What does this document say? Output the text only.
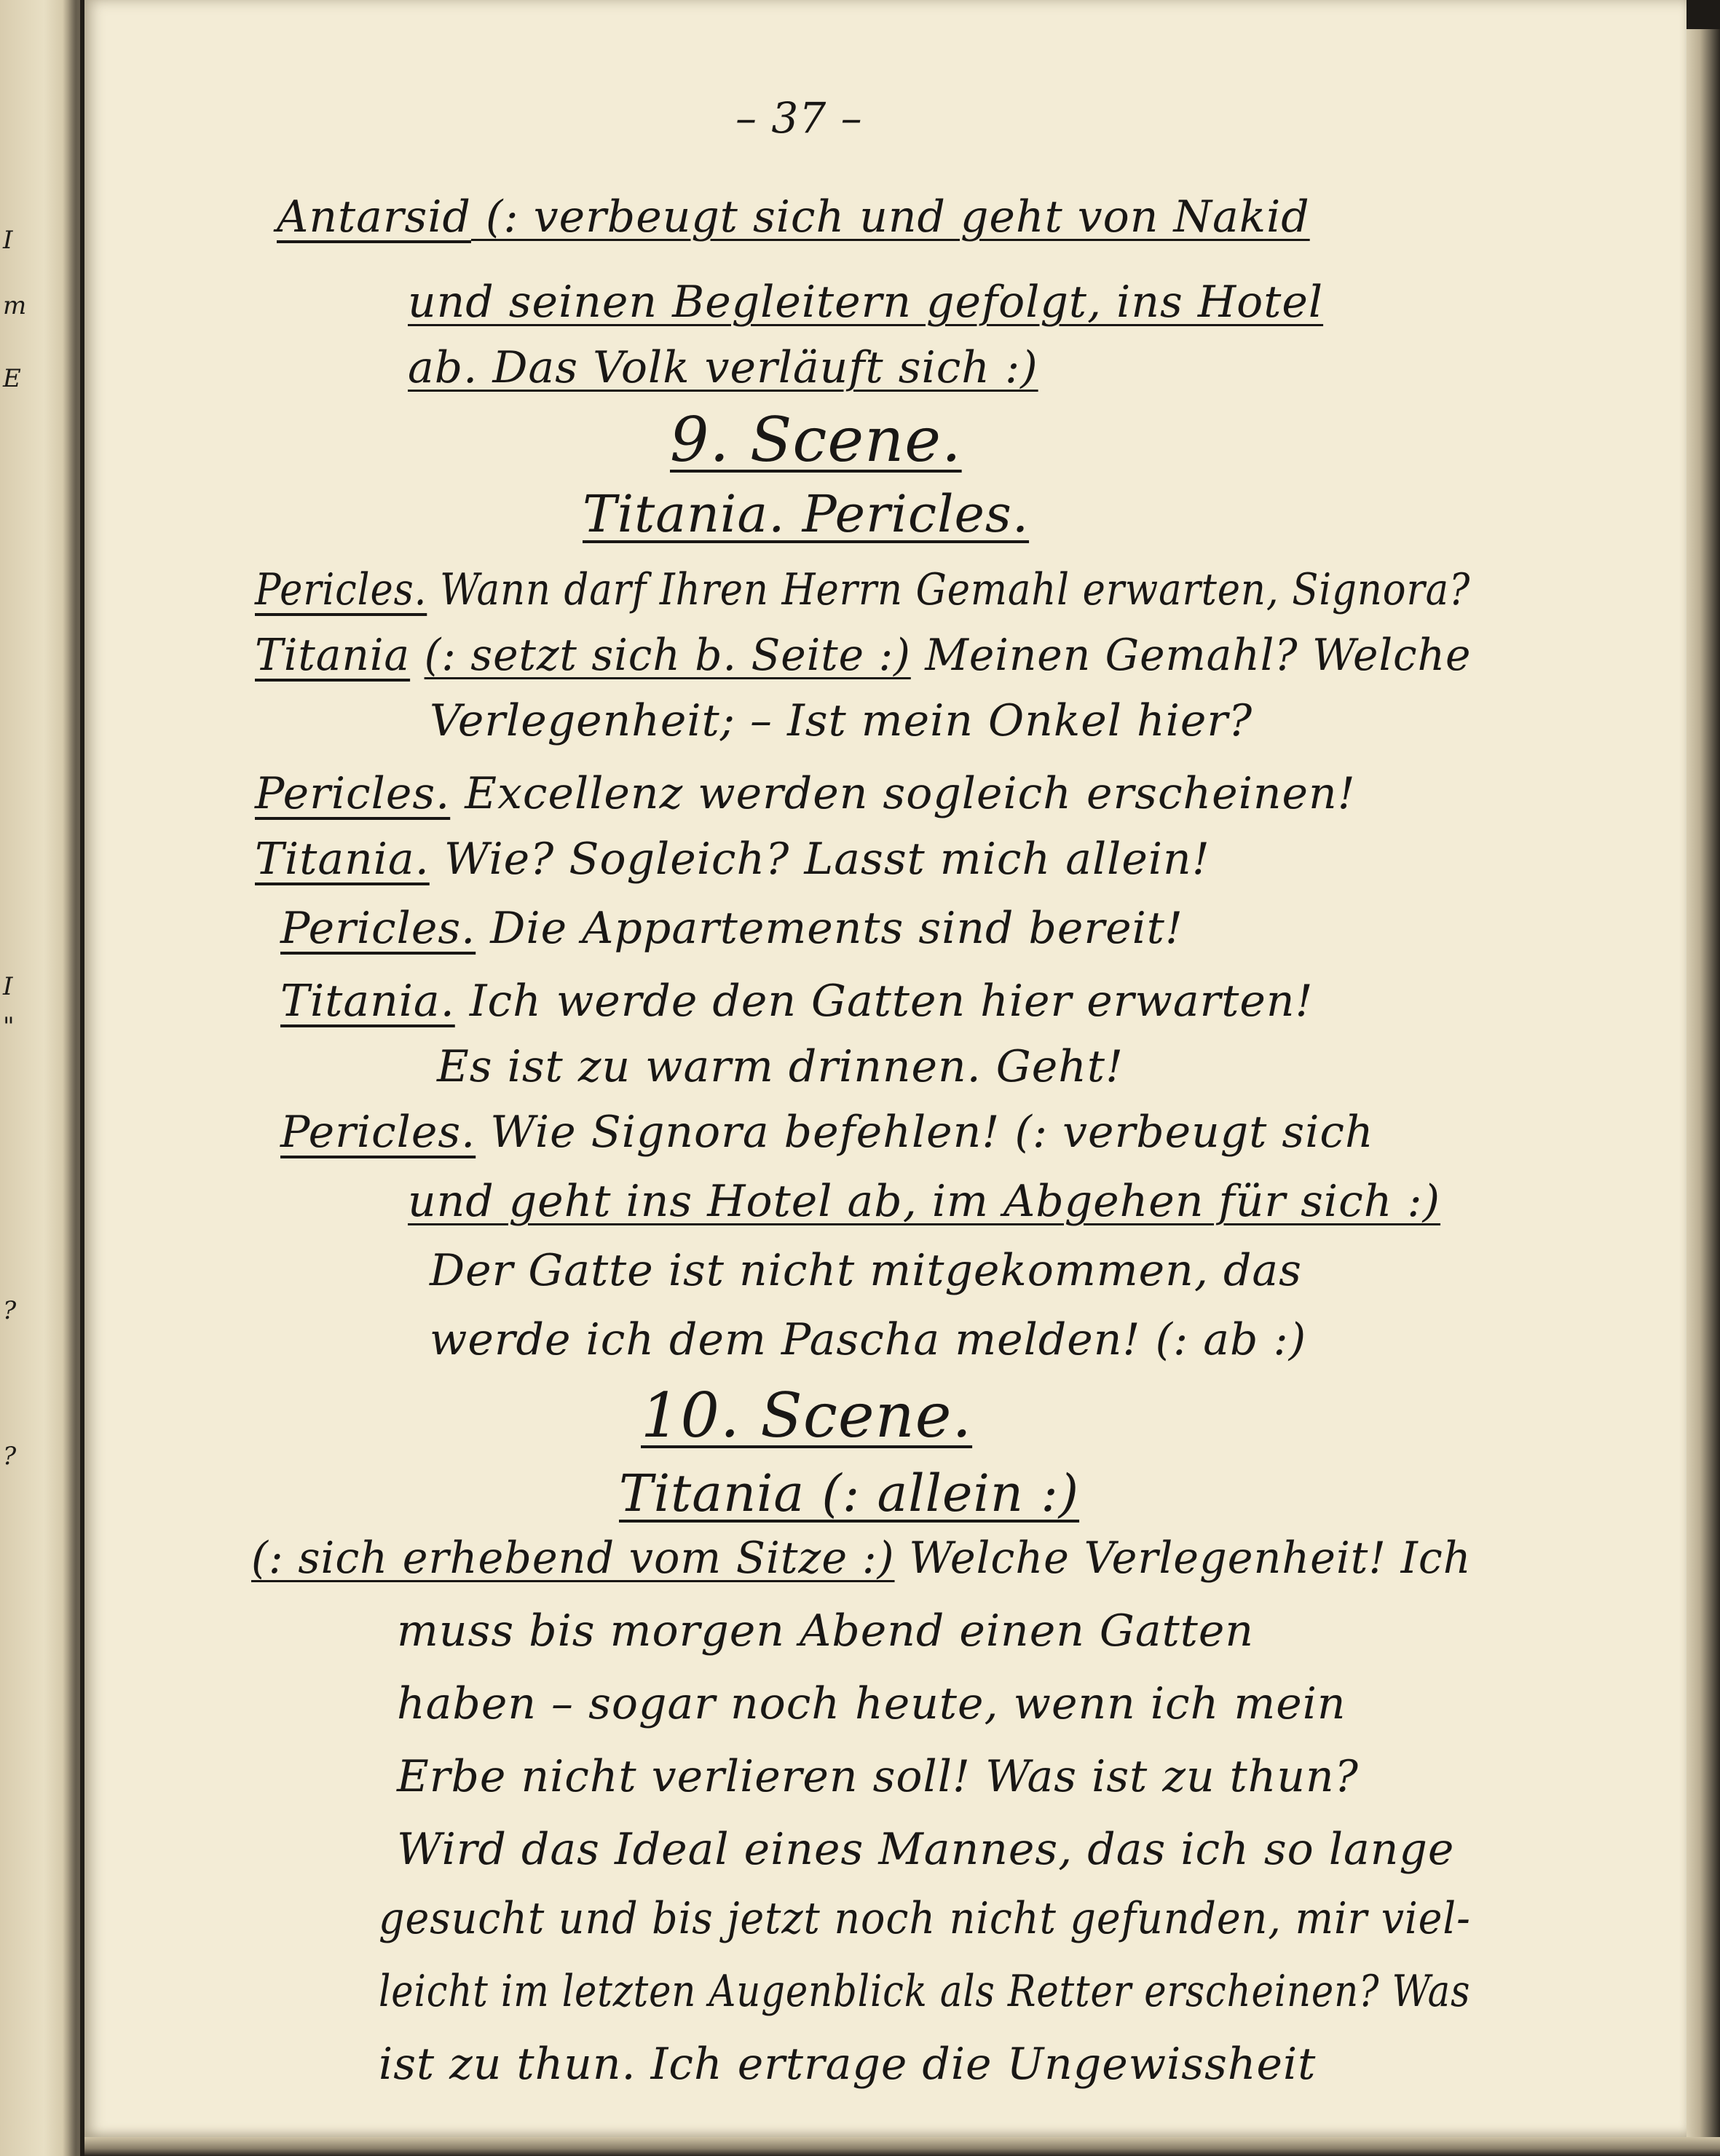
I
m
E
"
?
?
I
– 37 –
Antarsid (: verbeugt sich und geht von Nakid
und seinen Begleitern gefolgt, ins Hotel
ab. Das Volk verläuft sich :)
9. Scene.
Titania. Pericles.
Pericles. Wann darf Ihren Herrn Gemahl erwarten, Signora?
Titania (: setzt sich b. Seite :) Meinen Gemahl? Welche
Verlegenheit; – Ist mein Onkel hier?
Pericles. Excellenz werden sogleich erscheinen!
Titania. Wie? Sogleich? Lasst mich allein!
Pericles. Die Appartements sind bereit!
Titania. Ich werde den Gatten hier erwarten!
Es ist zu warm drinnen. Geht!
Pericles. Wie Signora befehlen! (: verbeugt sich
und geht ins Hotel ab, im Abgehen für sich :)
Der Gatte ist nicht mitgekommen, das
werde ich dem Pascha melden! (: ab :)
10. Scene.
Titania (: allein :)
(: sich erhebend vom Sitze :) Welche Verlegenheit! Ich
muss bis morgen Abend einen Gatten
haben – sogar noch heute, wenn ich mein
Erbe nicht verlieren soll! Was ist zu thun?
Wird das Ideal eines Mannes, das ich so lange
gesucht und bis jetzt noch nicht gefunden, mir viel-
leicht im letzten Augenblick als Retter erscheinen? Was
ist zu thun. Ich ertrage die Ungewissheit
